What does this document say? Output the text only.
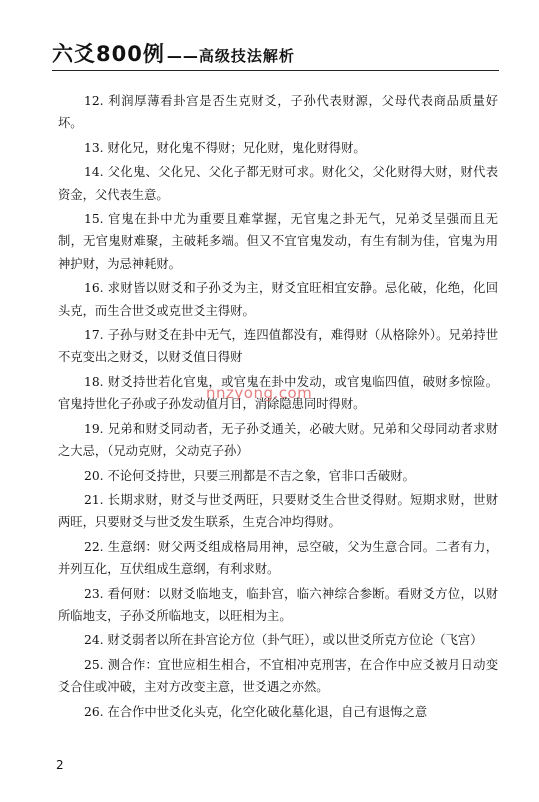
六爻800例 ——高级技法解析

12. 利润厚薄看卦宫是否生克财爻，子孙代表财源，父母代表商品质量好坏。

13. 财化兄，财化鬼不得财；兄化财，鬼化财得财。

14. 父化鬼、父化兄、父化子都无财可求。财化父，父化财得大财，财代表资金，父代表生意。

15. 官鬼在卦中尤为重要且难掌握，无官鬼之卦无气，兄弟爻呈强而且无制，无官鬼财难聚，主破耗多端。但又不宜官鬼发动，有生有制为佳，官鬼为用神护财，为忌神耗财。

16. 求财皆以财爻和子孙爻为主，财爻宜旺相宜安静。忌化破，化绝，化回头克，而生合世爻或克世爻主得财。

17. 子孙与财爻在卦中无气，连四值都没有，难得财（从格除外）。兄弟持世不克变出之财爻，以财爻值日得财

18. 财爻持世若化官鬼，或官鬼在卦中发动，或官鬼临四值，破财多惊险。官鬼持世化子孙或子孙发动值月日，消除隐患同时得财。

19. 兄弟和财爻同动者，无子孙爻通关，必破大财。兄弟和父母同动者求财之大忌，（兄动克财，父动克子孙）

20. 不论何爻持世，只要三刑都是不吉之象，官非口舌破财。

21. 长期求财，财爻与世爻两旺，只要财爻生合世爻得财。短期求财，世财两旺，只要财爻与世爻发生联系，生克合冲均得财。

22. 生意纲：财父两爻组成格局用神，忌空破，父为生意合同。二者有力，并列互化，互伏组成生意纲，有利求财。

23. 看何财：以财爻临地支，临卦宫，临六神综合参断。看财爻方位，以财所临地支，子孙爻所临地支，以旺相为主。

24. 财爻弱者以所在卦宫论方位（卦气旺），或以世爻所克方位论（飞宫）

25. 测合作：宜世应相生相合，不宜相冲克刑害，在合作中应爻被月日动变爻合住或冲破，主对方改变主意，世爻遇之亦然。

26. 在合作中世爻化头克，化空化破化墓化退，自己有退悔之意

nnzyong.com
2
